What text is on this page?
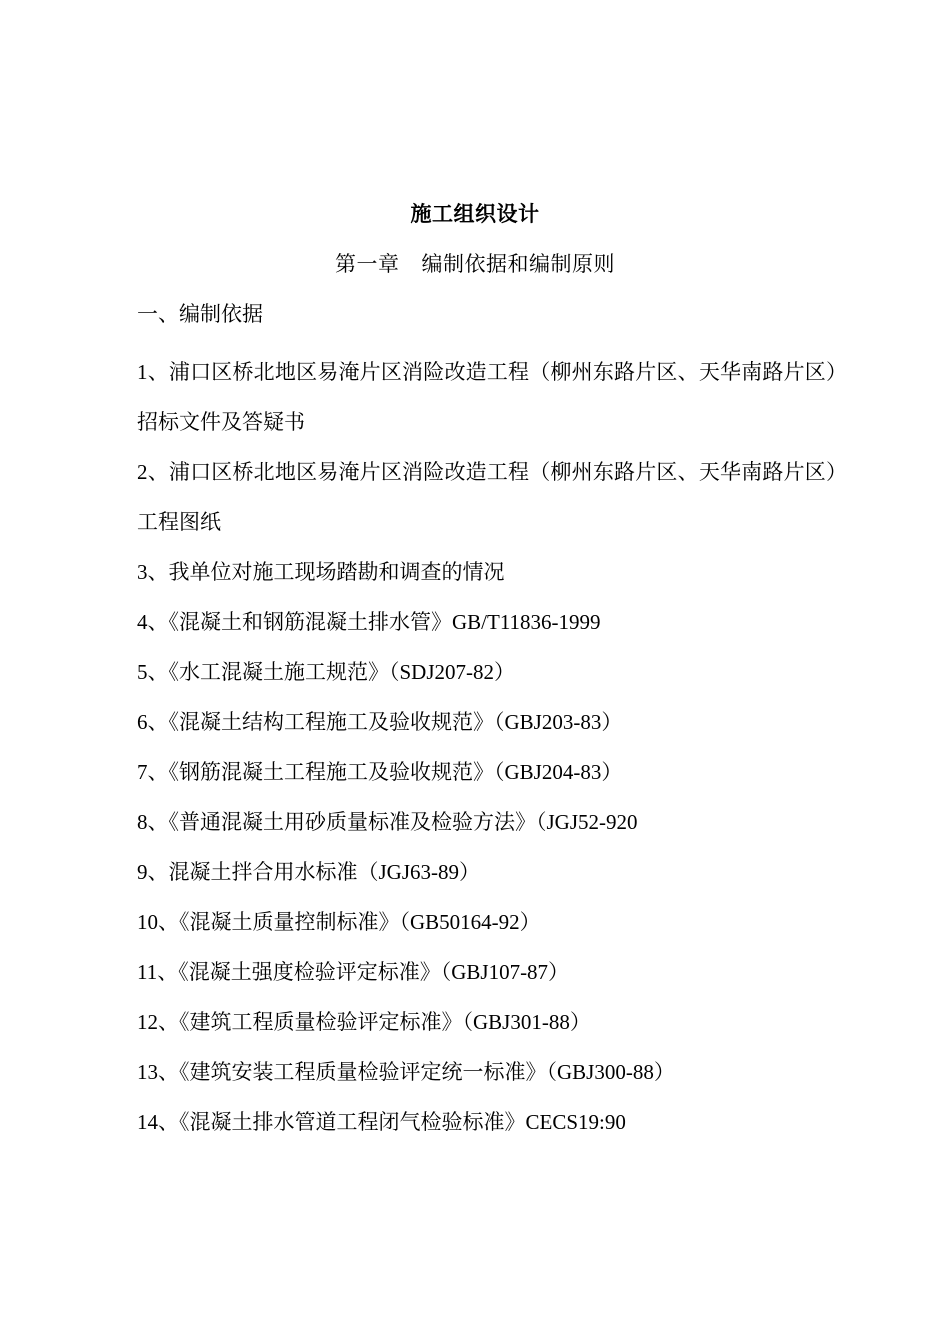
施工组织设计
第一章 编制依据和编制原则
一、编制依据
1、浦口区桥北地区易淹片区消险改造工程（柳州东路片区、天华南路片区）招标文件及答疑书
2、浦口区桥北地区易淹片区消险改造工程（柳州东路片区、天华南路片区）工程图纸
3、我单位对施工现场踏勘和调查的情况
4、《混凝土和钢筋混凝土排水管》GB/T11836-1999
5、《水工混凝土施工规范》（SDJ207-82）
6、《混凝土结构工程施工及验收规范》（GBJ203-83）
7、《钢筋混凝土工程施工及验收规范》（GBJ204-83）
8、《普通混凝土用砂质量标准及检验方法》（JGJ52-920
9、混凝土拌合用水标准（JGJ63-89）
10、《混凝土质量控制标准》（GB50164-92）
11、《混凝土强度检验评定标准》（GBJ107-87）
12、《建筑工程质量检验评定标准》（GBJ301-88）
13、《建筑安装工程质量检验评定统一标准》（GBJ300-88）
14、《混凝土排水管道工程闭气检验标准》CECS19:90
